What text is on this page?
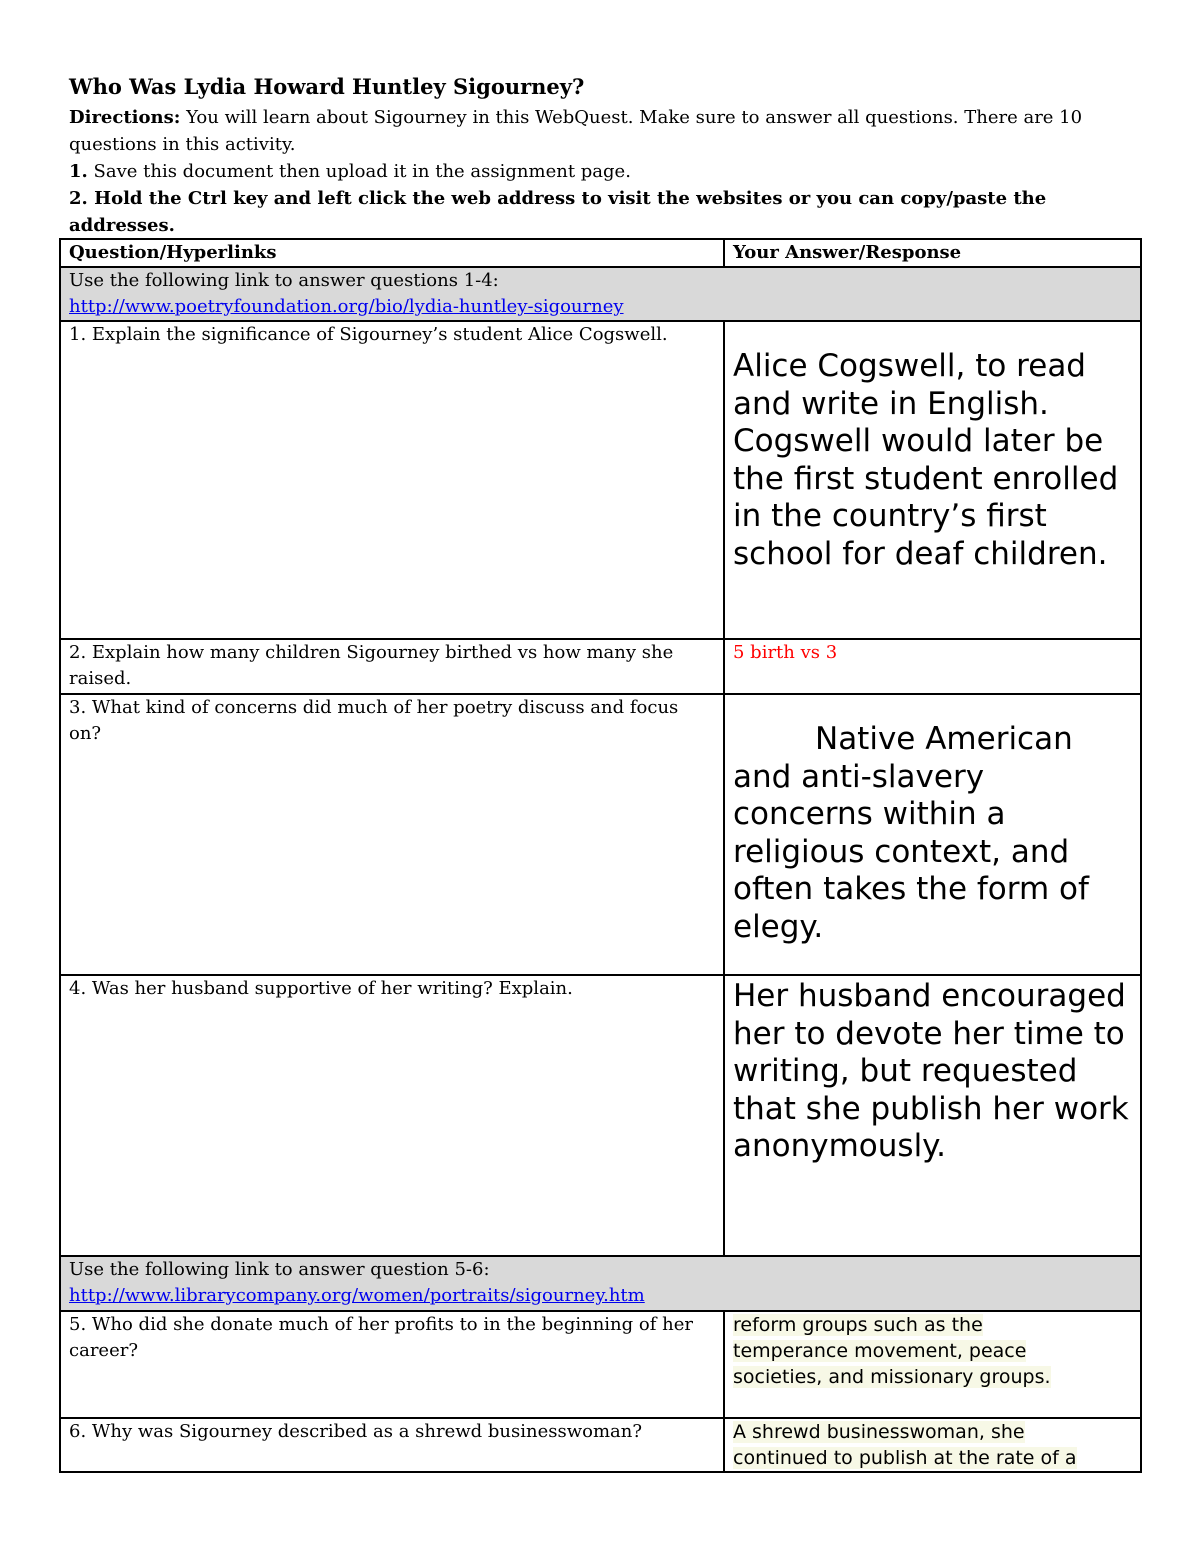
Who Was Lydia Howard Huntley Sigourney?

Directions: You will learn about Sigourney in this WebQuest. Make sure to answer all questions. There are 10 questions in this activity.

1. Save this document then upload it in the assignment page.

2. Hold the Ctrl key and left click the web address to visit the websites or you can copy/paste the addresses.

Question/Hyperlinks	Your Answer/Response

Use the following link to answer questions 1-4:
http://www.poetryfoundation.org/bio/lydia-huntley-sigourney	
1. Explain the significance of Sigourney’s student Alice Cogswell.	Alice Cogswell, to read and write in English. Cogswell would later be the first student enrolled in the country’s first school for deaf children.

2. Explain how many children Sigourney birthed vs how many she raised.	5 birth vs 3

3. What kind of concerns did much of her poetry discuss and focus on?	Native American and anti-slavery concerns within a religious context, and often takes the form of elegy.

4. Was her husband supportive of her writing? Explain.	Her husband encouraged her to devote her time to writing, but requested that she publish her work anonymously.

Use the following link to answer question 5-6:
http://www.librarycompany.org/women/portraits/sigourney.htm	
5. Who did she donate much of her profits to in the beginning of her career?	reform groups such as the
temperance movement, peace
societies, and missionary groups.

6. Why was Sigourney described as a shrewd businesswoman?	A shrewd businesswoman, she
continued to publish at the rate of a
